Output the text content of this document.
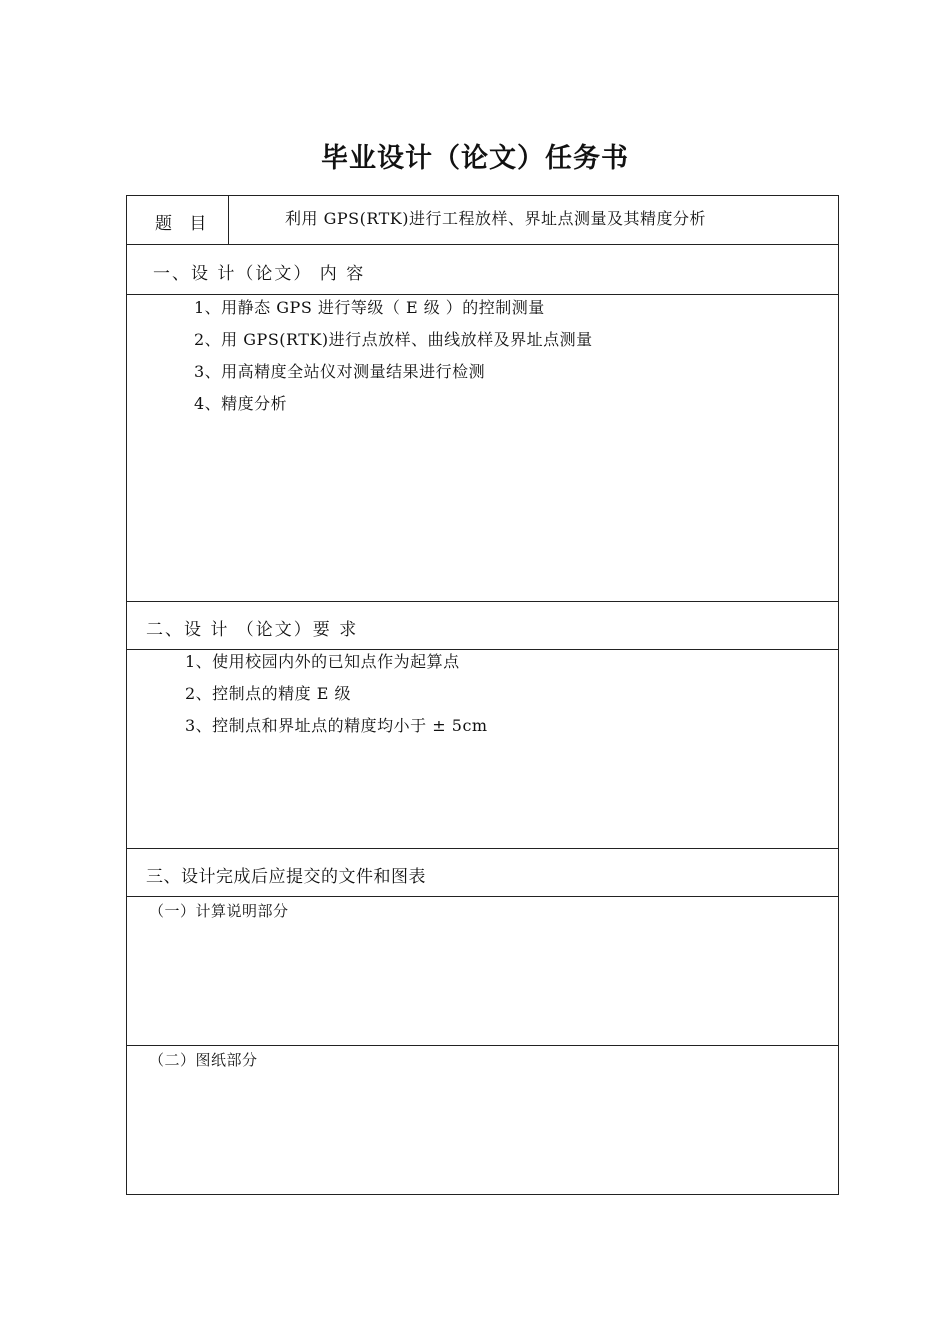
毕业设计（论文）任务书
题 目	利用 GPS(RTK)进行工程放样、界址点测量及其精度分析
一、设 计（论文） 内 容
1、用静态 GPS 进行等级（ E 级 ）的控制测量
2、用 GPS(RTK)进行点放样、曲线放样及界址点测量
3、用高精度全站仪对测量结果进行检测
4、精度分析
二、设 计 （论文）要 求
1、使用校园内外的已知点作为起算点
2、控制点的精度 E 级
3、控制点和界址点的精度均小于 ± 5cm
三、设计完成后应提交的文件和图表
（一）计算说明部分
（二）图纸部分
